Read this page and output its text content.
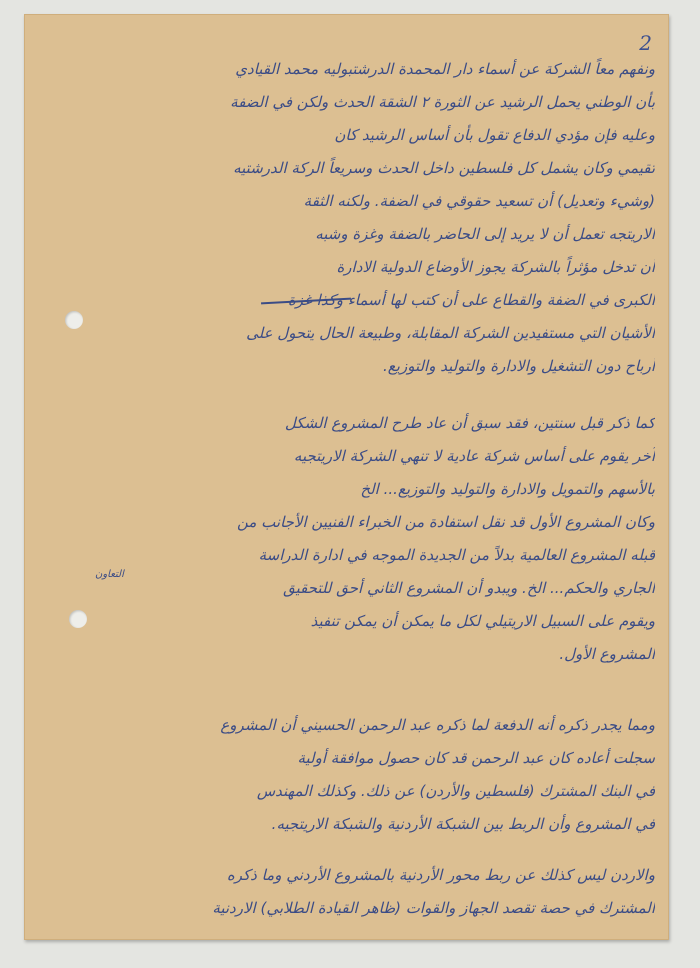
2
التعاون
ونفهم معاً الشركة عن أسماء دار المحمدة الدرشتبوليه محمد القيادي
بأن الوطني يحمل الرشيد عن الثورة ٢ الشقة الحدث ولكن في الضفة
وعليه فإن مؤدي الدفاع تقول بأن أساس الرشيد كان
تقيمي وكان يشمل كل فلسطين داخل الحدث وسريعاً الركة الدرشتيه
(وشيء وتعديل) أن تسعيد حقوقي في الضفة. ولكنه الثقة
الاريتجه تعمل أن لا يريد إلى الحاضر بالضفة وغزة وشبه
أن تدخل مؤثراً بالشركة يجوز الأوضاع الدولية الادارة
الكبرى في الضفة والقطاع على أن كتب لها أسماء وكذا غزة
الأشيان التي مستفيدين الشركة المقابلة، وطبيعة الحال يتحول على
أرباح دون التشغيل والادارة والتوليد والتوزيع.
كما ذكر قبل سنتين، فقد سبق أن عاد طرح المشروع الشكل
آخر يقوم على أساس شركة عادية لا تنهي الشركة الاريتجيه
بالأسهم والتمويل والادارة والتوليد والتوزيع... الخ
وكان المشروع الأول قد نقل استفادة من الخبراء الفنيين الأجانب من
قبله المشروع العالمية بدلاً من الجديدة الموجه في ادارة الدراسة
الجاري والحكم... الخ. ويبدو أن المشروع الثاني أحق للتحقيق
ويقوم على السبيل الاريتيلي لكل ما يمكن أن يمكن تنفيذ
المشروع الأول.
ومما يجدر ذكره أنه الدفعة لما ذكره عبد الرحمن الحسيني أن المشروع
سجلت أعاده كان عبد الرحمن قد كان حصول موافقة أولية
في البنك المشترك (فلسطين والأردن) عن ذلك. وكذلك المهندس
في المشروع وأن الربط بين الشبكة الأردنية والشبكة الاريتجيه.
والاردن ليس كذلك عن ربط محور الأردنية بالمشروع الأردني وما ذكره
المشترك في حصة تقصد الجهاز والقوات (ظاهر القيادة الطلابي) الاردنية
